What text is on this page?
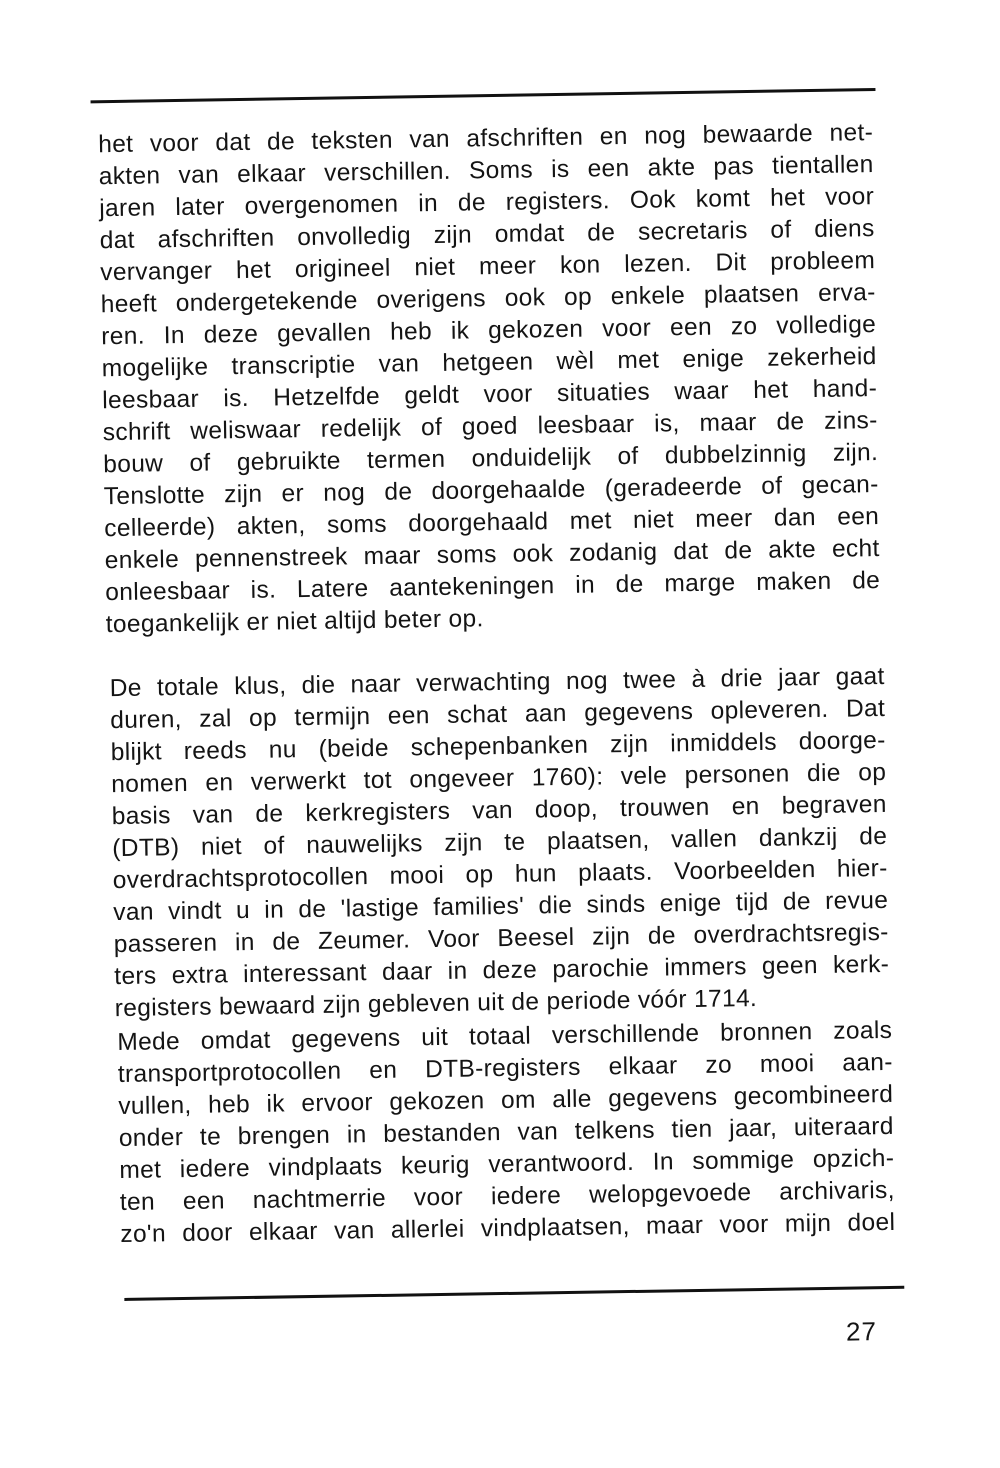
het voor dat de teksten van afschriften en nog bewaarde net-
akten van elkaar verschillen. Soms is een akte pas tientallen
jaren later overgenomen in de registers. Ook komt het voor
dat afschriften onvolledig zijn omdat de secretaris of diens
vervanger het origineel niet meer kon lezen. Dit probleem
heeft ondergetekende overigens ook op enkele plaatsen erva-
ren. In deze gevallen heb ik gekozen voor een zo volledige
mogelijke transcriptie van hetgeen wèl met enige zekerheid
leesbaar is. Hetzelfde geldt voor situaties waar het hand-
schrift weliswaar redelijk of goed leesbaar is, maar de zins-
bouw of gebruikte termen onduidelijk of dubbelzinnig zijn.
Tenslotte zijn er nog de doorgehaalde (geradeerde of gecan-
celleerde) akten, soms doorgehaald met niet meer dan een
enkele pennenstreek maar soms ook zodanig dat de akte echt
onleesbaar is. Latere aantekeningen in de marge maken de
toegankelijk er niet altijd beter op.
De totale klus, die naar verwachting nog twee à drie jaar gaat
duren, zal op termijn een schat aan gegevens opleveren. Dat
blijkt reeds nu (beide schepenbanken zijn inmiddels doorge-
nomen en verwerkt tot ongeveer 1760): vele personen die op
basis van de kerkregisters van doop, trouwen en begraven
(DTB) niet of nauwelijks zijn te plaatsen, vallen dankzij de
overdrachtsprotocollen mooi op hun plaats. Voorbeelden hier-
van vindt u in de 'lastige families' die sinds enige tijd de revue
passeren in de Zeumer. Voor Beesel zijn de overdrachtsregis-
ters extra interessant daar in deze parochie immers geen kerk-
registers bewaard zijn gebleven uit de periode vóór 1714.
Mede omdat gegevens uit totaal verschillende bronnen zoals
transportprotocollen en DTB-registers elkaar zo mooi aan-
vullen, heb ik ervoor gekozen om alle gegevens gecombineerd
onder te brengen in bestanden van telkens tien jaar, uiteraard
met iedere vindplaats keurig verantwoord. In sommige opzich-
ten een nachtmerrie voor iedere welopgevoede archivaris,
zo'n door elkaar van allerlei vindplaatsen, maar voor mijn doel
27
